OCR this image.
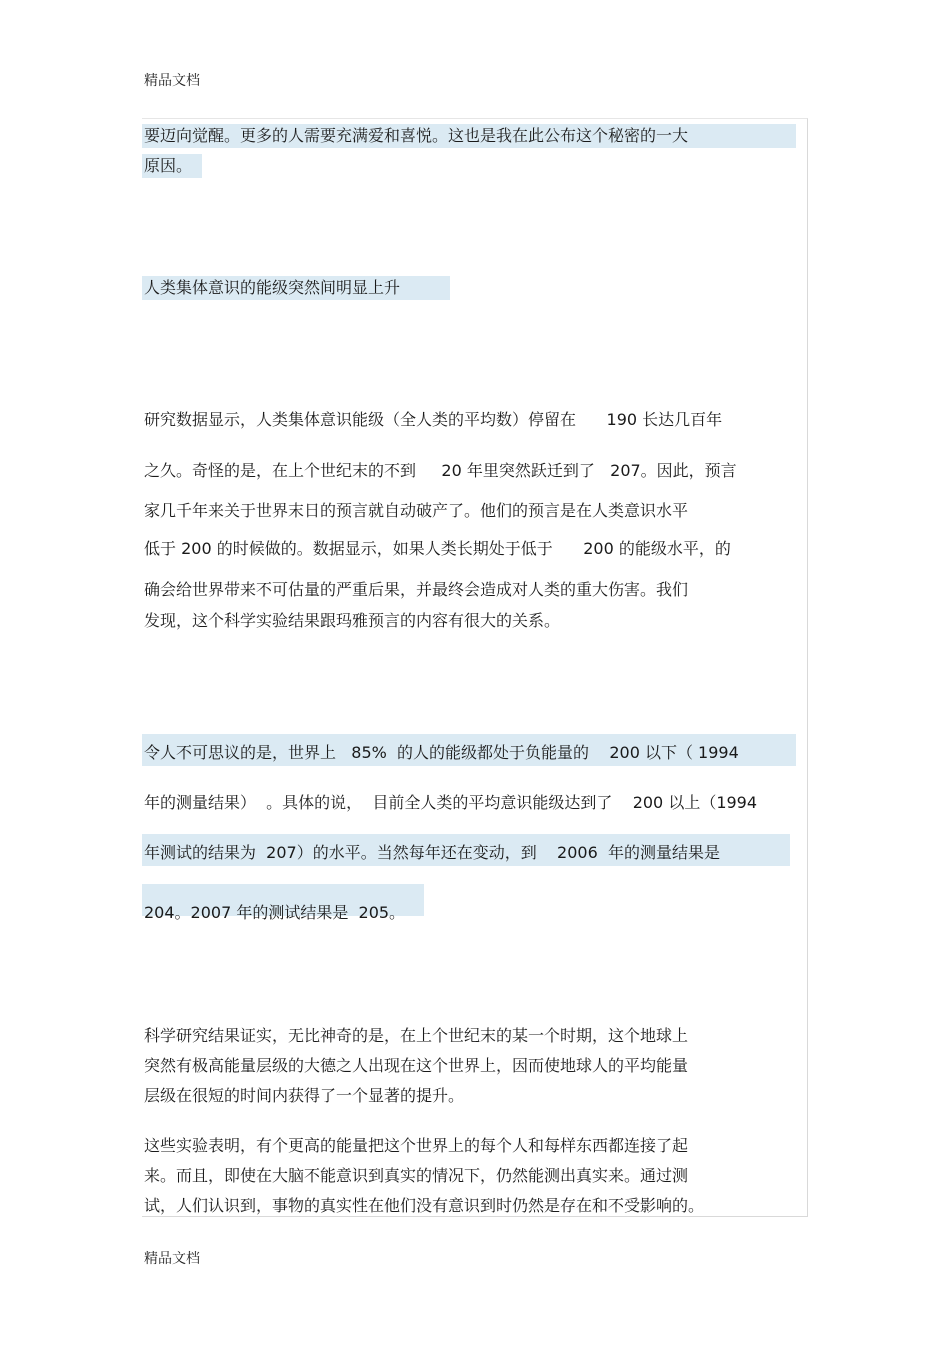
精品文档
要迈向觉醒。更多的人需要充满爱和喜悦。这也是我在此公布这个秘密的一大
原因。
人类集体意识的能级突然间明显上升
研究数据显示，人类集体意识能级（全人类的平均数）停留在      190 长达几百年
之久。奇怪的是，在上个世纪末的不到     20 年里突然跃迁到了   207。因此，预言
家几千年来关于世界末日的预言就自动破产了。他们的预言是在人类意识水平
低于 200 的时候做的。数据显示，如果人类长期处于低于      200 的能级水平，的
确会给世界带来不可估量的严重后果，并最终会造成对人类的重大伤害。我们
发现，这个科学实验结果跟玛雅预言的内容有很大的关系。
令人不可思议的是，世界上   85%  的人的能级都处于负能量的    200 以下（ 1994
年的测量结果）  。具体的说，  目前全人类的平均意识能级达到了    200 以上（1994
年测试的结果为  207）的水平。当然每年还在变动，到    2006  年的测量结果是
204。2007 年的测试结果是  205。
科学研究结果证实，无比神奇的是，在上个世纪末的某一个时期，这个地球上
突然有极高能量层级的大德之人出现在这个世界上，因而使地球人的平均能量
层级在很短的时间内获得了一个显著的提升。
这些实验表明，有个更高的能量把这个世界上的每个人和每样东西都连接了起
来。而且，即使在大脑不能意识到真实的情况下，仍然能测出真实来。通过测
试，人们认识到，事物的真实性在他们没有意识到时仍然是存在和不受影响的。
精品文档
